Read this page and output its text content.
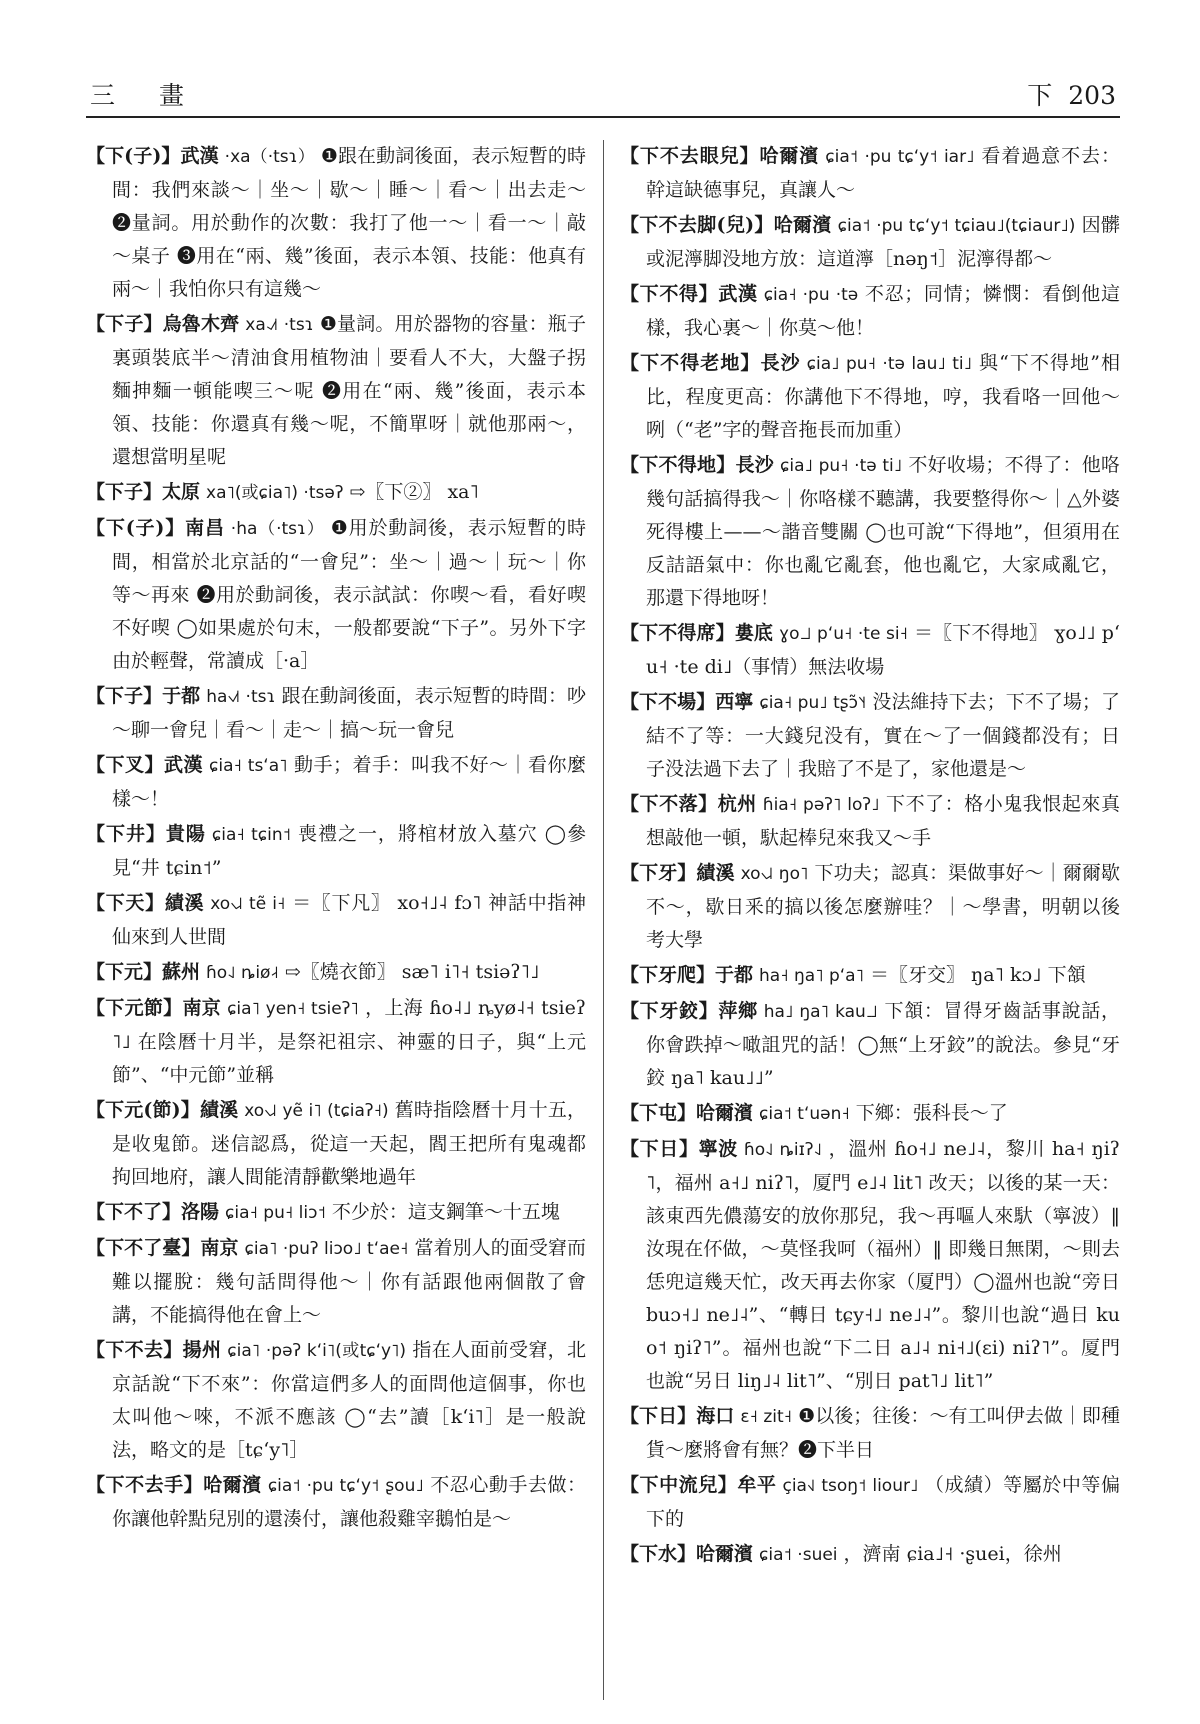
三 畫	下 203

【下(子)】武漢 ·xa（·tsɿ） ❶跟在動詞後面，表示短暫的時間：我們來談～｜坐～｜歇～｜睡～｜看～｜出去走～ ❷量詞。用於動作的次數：我打了他一～｜看一～｜敲～桌子 ❸用在“兩、幾”後面，表示本領、技能：他真有兩～｜我怕你只有這幾～

【下子】烏魯木齊 xa˨˩˦ ·tsɿ ❶量詞。用於器物的容量：瓶子裏頭裝底半～清油食用植物油｜要看人不大，大盤子拐麵抻麵一頓能喫三～呢 ❷用在“兩、幾”後面，表示本領、技能：你還真有幾～呢，不簡單呀｜就他那兩～，還想當明星呢

【下子】太原 xa˥(或ɕia˥) ·tsəʔ ⇨〖下②〗 xa˥

【下(子)】南昌 ·ha（·tsɿ） ❶用於動詞後，表示短暫的時間，相當於北京話的“一會兒”：坐～｜過～｜玩～｜你等～再來 ❷用於動詞後，表示試試：你喫～看，看好喫不好喫 ◯如果處於句末，一般都要說“下子”。另外下字由於輕聲，常讀成［·a］

【下子】于都 ha˧˩˦ ·tsɿ 跟在動詞後面，表示短暫的時間：吵～聊一會兒｜看～｜走～｜搞～玩一會兒

【下叉】武漢 ɕia˧ tsʻa˥ 動手；着手：叫我不好～｜看你麼樣～！

【下井】貴陽 ɕia˧ tɕin˦ 喪禮之一，將棺材放入墓穴 ◯參見“井 tɕin˦”

【下天】績溪 xo˧˩˨ tẽ i˧ ＝〖下凡〗 xo˧˩˨ fɔ˥ 神話中指神仙來到人世間

【下元】蘇州 ɦo˨˩ ȵiø˨˧ ⇨〖燒衣節〗 sæ˥ i˥˧ tsiəʔ˥˩

【下元節】南京 ɕia˥ yen˧ tsieʔ˥ ，上海 ɦo˨˩ ȵyø˨˧ tsieʔ˥˩ 在陰曆十月半，是祭祀祖宗、神靈的日子，與“上元節”、“中元節”並稱

【下元(節)】績溪 xo˧˩˨ yẽ i˥ (tɕiaʔ˧) 舊時指陰曆十月十五，是收鬼節。迷信認爲，從這一天起，閻王把所有鬼魂都拘回地府，讓人間能清靜歡樂地過年

【下不了】洛陽 ɕia˧ pu˧ liɔ˦ 不少於：這支鋼筆～十五塊

【下不了臺】南京 ɕia˥ ·puʔ liɔo˩ tʻae˧ 當着別人的面受窘而難以擺脫：幾句話問得他～｜你有話跟他兩個散了會講，不能搞得他在會上～

【下不去】揚州 ɕia˥ ·pəʔ kʻi˥(或tɕʻy˥) 指在人面前受窘，北京話說“下不來”：你當這們多人的面問他這個事，你也太叫他～唻，不派不應該 ◯“去”讀［kʻi˥］是一般說法，略文的是［tɕʻy˥］

【下不去手】哈爾濱 ɕia˦ ·pu tɕʻy˦ ʂou˩ 不忍心動手去做：你讓他幹點兒別的還湊付，讓他殺雞宰鵝怕是～

【下不去眼兒】哈爾濱 ɕia˦ ·pu tɕʻy˦ iar˩ 看着過意不去：幹這缺德事兒，真讓人～

【下不去脚(兒)】哈爾濱 ɕia˦ ·pu tɕʻy˦ tɕiau˩(tɕiaur˩) 因髒或泥濘脚没地方放：這道濘［nəŋ˦］泥濘得都～

【下不得】武漢 ɕia˧ ·pu ·tə 不忍；同情；憐憫：看倒他這樣，我心裏～｜你莫～他！

【下不得老地】長沙 ɕia˩ pu˧ ·tə lau˩ ti˩ 與“下不得地”相比，程度更高：你講他下不得地，哼，我看咯一回他～咧（“老”字的聲音拖長而加重）

【下不得地】長沙 ɕia˩ pu˧ ·tə ti˩ 不好收場；不得了：他咯幾句話搞得我～｜你咯樣不聽講，我要整得你～｜△外婆死得樓上——～諧音雙關 ◯也可說“下得地”，但須用在反詰語氣中：你也亂它亂套，他也亂它，大家咸亂它，那還下得地呀！

【下不得席】婁底 ɣo˩˩ pʻu˧ ·te si˧ ＝〖下不得地〗 ɣo˩˩ pʻu˧ ·te di˩（事情）無法收場

【下不場】西寧 ɕia˧ pu˩ tʂɔ̃˥˧ 没法維持下去；下不了場；了結不了等：一大錢兒没有，實在～了一個錢都没有；日子没法過下去了｜我賠了不是了，家他還是～

【下不落】杭州 ɦia˧ pəʔ˥ loʔ˩ 下不了：格小鬼我恨起來真想敲他一頓，馱起棒兒來我又～手

【下牙】績溪 xo˧˩˨ ŋo˥ 下功夫；認真：渠做事好～｜爾爾歇不～，歇日釆的搞以後怎麼辦哇？｜～學書，明朝以後考大學

【下牙爬】于都 ha˧ ŋa˥ pʻa˥ ＝〖牙交〗 ŋa˥ kɔ˩ 下頷

【下牙鉸】萍鄉 ha˩ ŋa˥ kau˩˩ 下頷：冒得牙齒話事說話，你會跌掉～噉詛咒的話！◯無“上牙鉸”的說法。參見“牙鉸 ŋa˥ kau˩˩”

【下屯】哈爾濱 ɕia˦ tʻuən˧ 下鄉：張科長～了

【下日】寧波 ɦo˨˩ ȵiɪʔ˨˩ ，溫州 ɦo˧˩ ne˩˨，黎川 ha˧ ŋiʔ˥，福州 a˧˩ niʔ˥，厦門 e˩˨ lit˥ 改天；以後的某一天：該東西先儂蕩安的放你那兒，我～再嘔人來馱（寧波）‖ 汝現在伓做，～莫怪我呵（福州）‖ 即幾日無閑，～則去恁兜這幾天忙，改天再去你家（厦門）◯溫州也說“旁日 buɔ˧˩ ne˩˨”、“轉日 tɕy˧˩ ne˩˨”。黎川也說“過日 kuo˦ ŋiʔ˥”。福州也說“下二日 a˩˨ ni˧˩(ɛi) niʔ˥”。厦門也說“另日 liŋ˩˨ lit˥”、“別日 pat˥˩ lit˥”

【下日】海口 ɛ˧ zit˧ ❶以後；往後：～有工叫伊去做｜即種貨～麼將會有無？❷下半日

【下中流兒】牟平 çia˧˩ tsoŋ˦ liour˩ （成績）等屬於中等偏下的

【下水】哈爾濱 ɕia˦ ·suei ，濟南 ɕia˩˧ ·ʂuei，徐州
